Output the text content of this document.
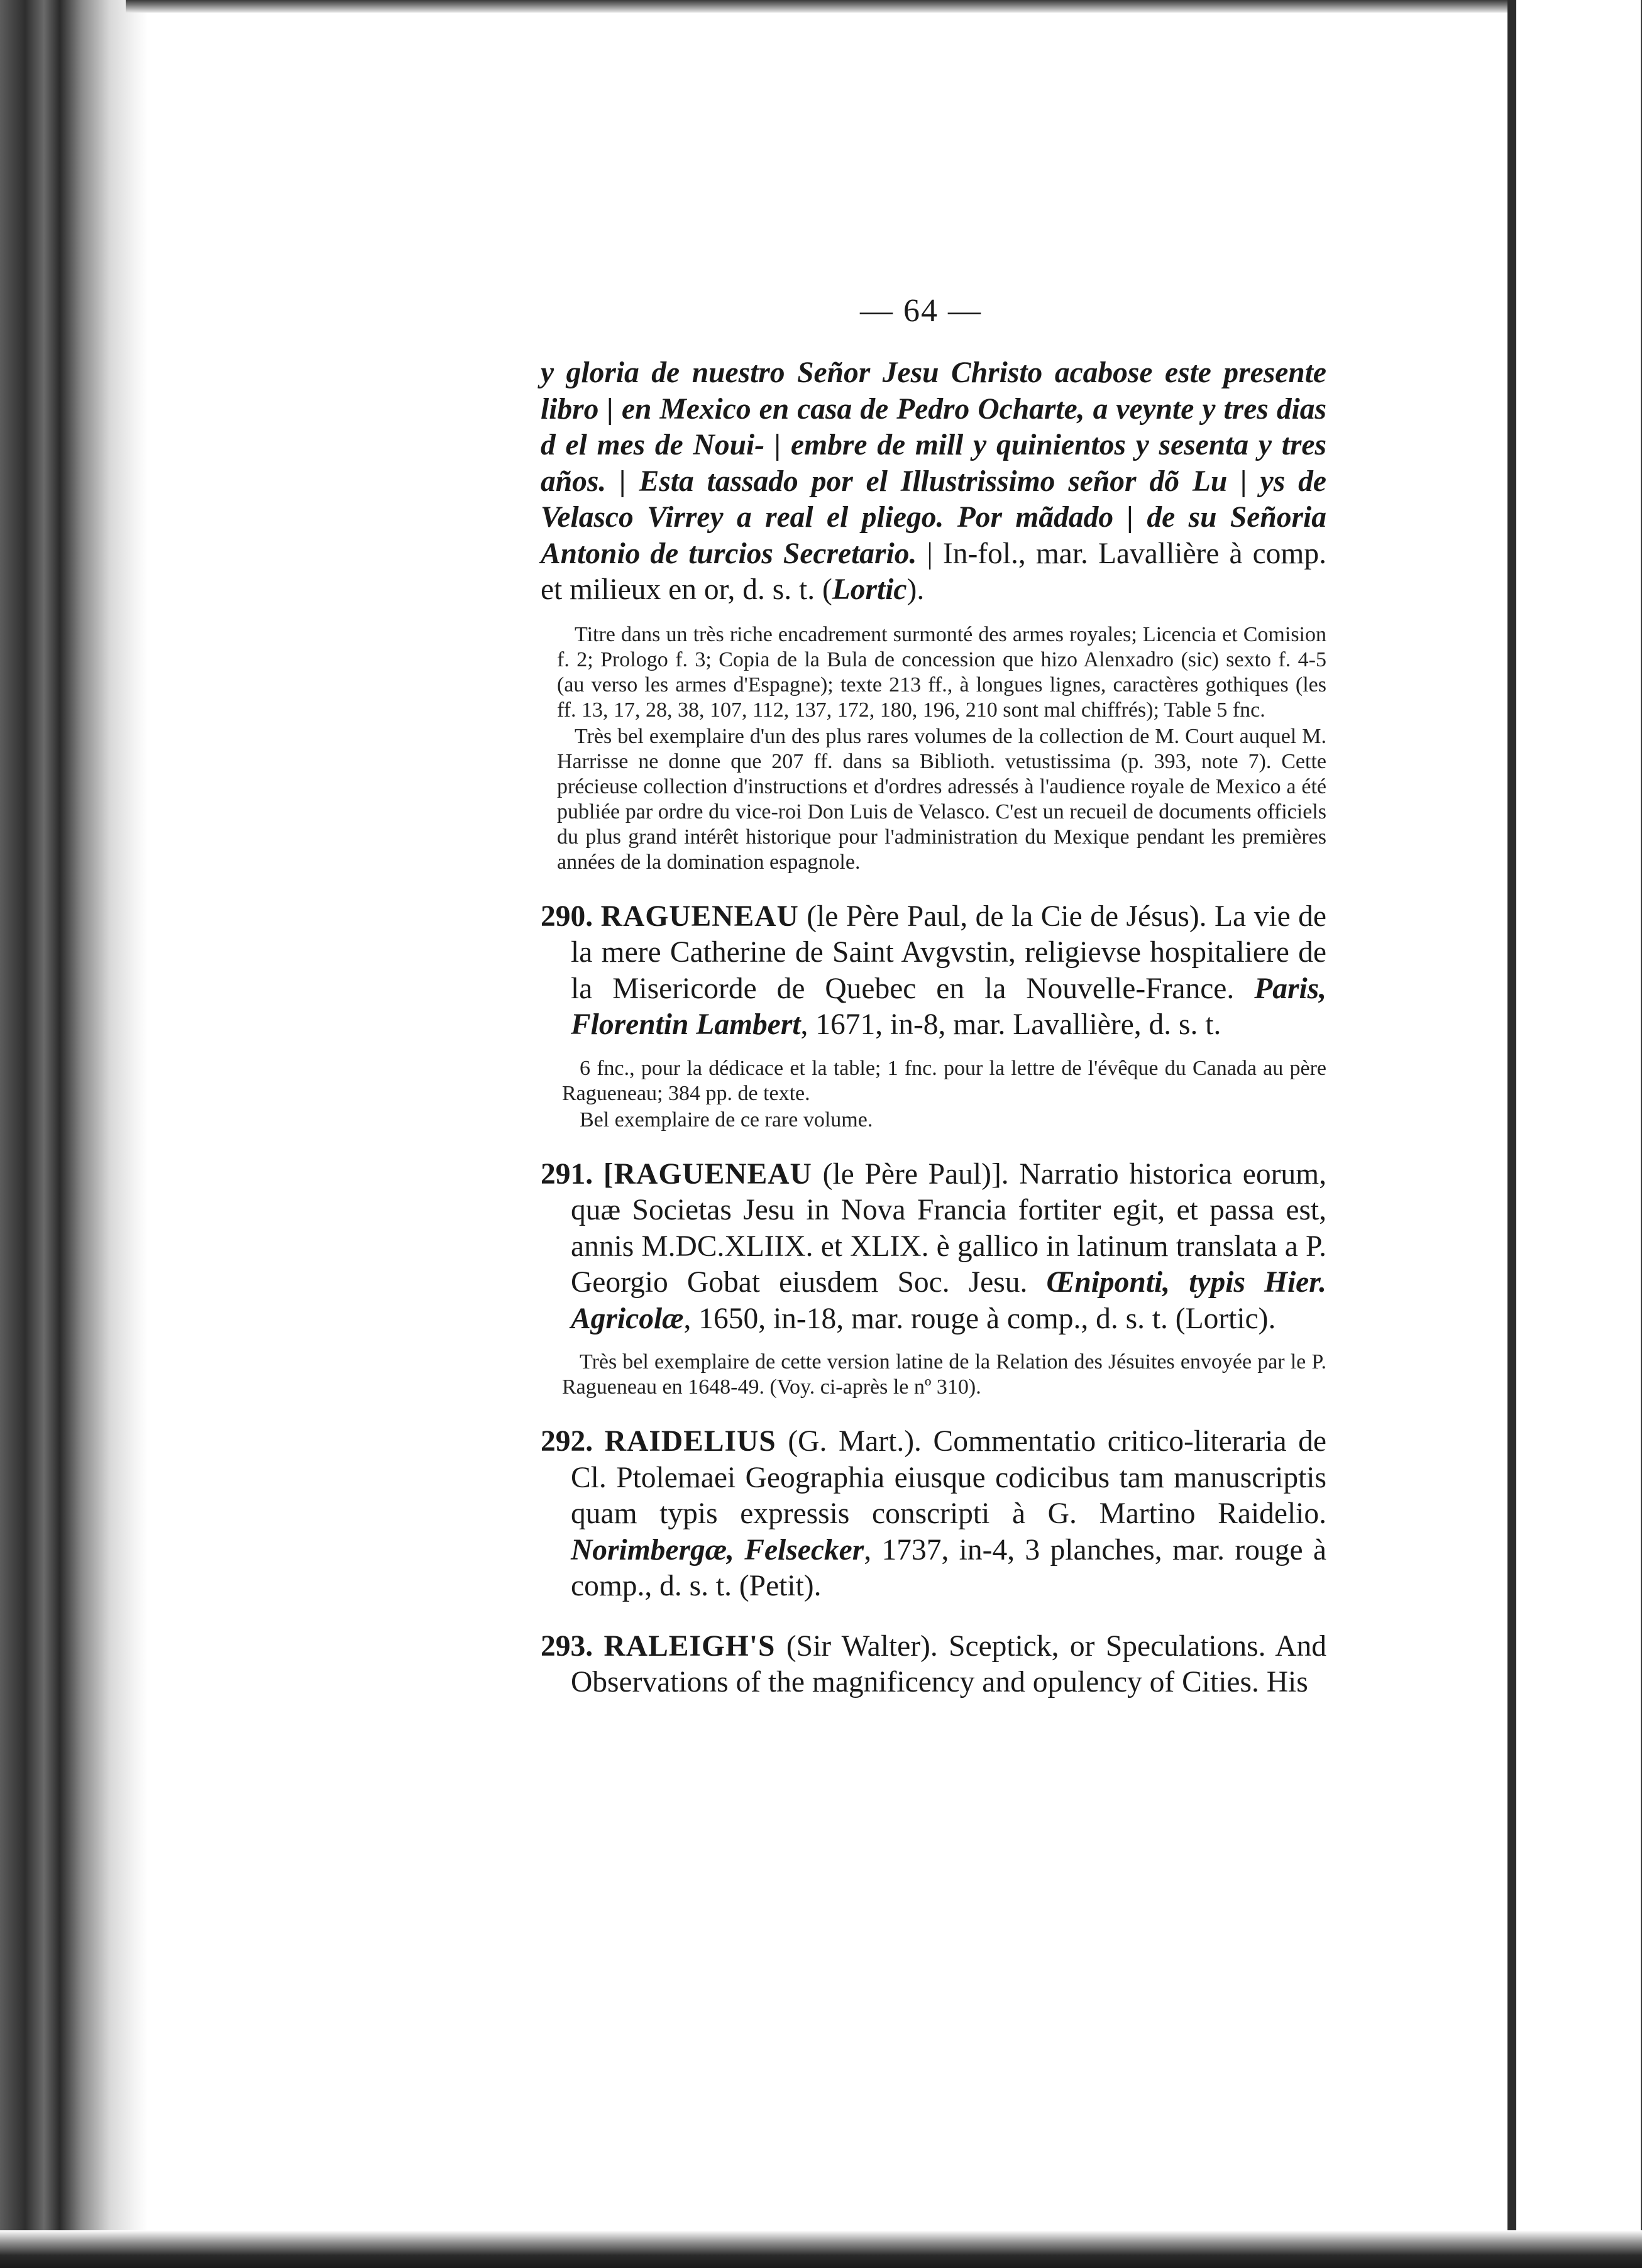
— 64 —

y gloria de nuestro Señor Jesu Christo acabose este presente libro | en Mexico en casa de Pedro Ocharte, a veynte y tres dias d el mes de Noui- | embre de mill y quinientos y sesenta y tres años. | Esta tassado por el Illustrissimo señor dõ Lu | ys de Velasco Virrey a real el pliego. Por mãdado | de su Señoria Antonio de turcios Secretario. | In-fol., mar. Lavallière à comp. et milieux en or, d. s. t. (Lortic).

Titre dans un très riche encadrement surmonté des armes royales; Licencia et Comision f. 2; Prologo f. 3; Copia de la Bula de concession que hizo Alenxadro (sic) sexto f. 4-5 (au verso les armes d'Espagne); texte 213 ff., à longues lignes, caractères gothiques (les ff. 13, 17, 28, 38, 107, 112, 137, 172, 180, 196, 210 sont mal chiffrés); Table 5 fnc.

Très bel exemplaire d'un des plus rares volumes de la collection de M. Court auquel M. Harrisse ne donne que 207 ff. dans sa Biblioth. vetustissima (p. 393, note 7). Cette précieuse collection d'instructions et d'ordres adressés à l'audience royale de Mexico a été publiée par ordre du vice-roi Don Luis de Velasco. C'est un recueil de documents officiels du plus grand intérêt historique pour l'administration du Mexique pendant les premières années de la domination espagnole.

290. RAGUENEAU (le Père Paul, de la Cie de Jésus). La vie de la mere Catherine de Saint Avgvstin, religievse hospitaliere de la Misericorde de Quebec en la Nouvelle-France. Paris, Florentin Lambert, 1671, in-8, mar. Lavallière, d. s. t.

6 fnc., pour la dédicace et la table; 1 fnc. pour la lettre de l'évêque du Canada au père Ragueneau; 384 pp. de texte.

Bel exemplaire de ce rare volume.

291. [RAGUENEAU (le Père Paul)]. Narratio historica eorum, quæ Societas Jesu in Nova Francia fortiter egit, et passa est, annis M.DC.XLIIX. et XLIX. è gallico in latinum translata a P. Georgio Gobat eiusdem Soc. Jesu. Œniponti, typis Hier. Agricolæ, 1650, in-18, mar. rouge à comp., d. s. t. (Lortic).

Très bel exemplaire de cette version latine de la Relation des Jésuites envoyée par le P. Ragueneau en 1648-49. (Voy. ci-après le nº 310).

292. RAIDELIUS (G. Mart.). Commentatio critico-literaria de Cl. Ptolemaei Geographia eiusque codicibus tam manuscriptis quam typis expressis conscripti à G. Martino Raidelio. Norimbergæ, Felsecker, 1737, in-4, 3 planches, mar. rouge à comp., d. s. t. (Petit).

293. RALEIGH'S (Sir Walter). Sceptick, or Speculations. And Observations of the magnificency and opulency of Cities. His
